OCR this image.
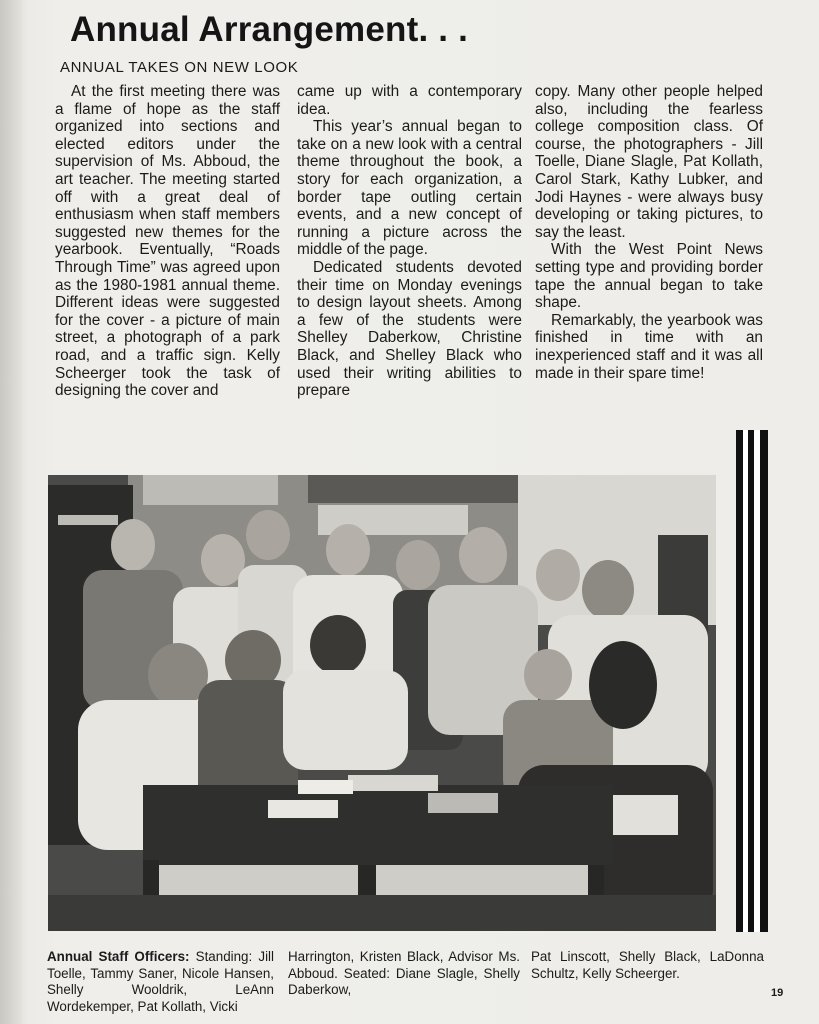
Annual Arrangement. . .
ANNUAL TAKES ON NEW LOOK

At the first meeting there was a flame of hope as the staff organized into sections and elected editors under the supervision of Ms. Abboud, the art teacher. The meeting started off with a great deal of enthusiasm when staff members suggested new themes for the yearbook. Eventually, “Roads Through Time” was agreed upon as the 1980-1981 annual theme. Different ideas were suggested for the cover - a picture of main street, a photograph of a park road, and a traffic sign. Kelly Scheerger took the task of designing the cover and

came up with a contemporary idea.

This year’s annual began to take on a new look with a central theme throughout the book, a story for each organization, a border tape outling certain events, and a new concept of running a picture across the middle of the page.

Dedicated students devoted their time on Monday evenings to design layout sheets. Among a few of the students were Shelley Daberkow, Christine Black, and Shelley Black who used their writing abilities to prepare

copy. Many other people helped also, including the fearless college composition class. Of course, the photographers - Jill Toelle, Diane Slagle, Pat Kollath, Carol Stark, Kathy Lubker, and Jodi Haynes - were always busy developing or taking pictures, to say the least.

With the West Point News setting type and providing border tape the annual began to take shape.

Remarkably, the yearbook was finished in time with an inexperienced staff and it was all made in their spare time!

Annual Staff Officers: Standing: Jill Toelle, Tammy Saner, Nicole Hansen, Shelly Wooldrik, LeAnn Wordekemper, Pat Kollath, Vicki
Harrington, Kristen Black, Advisor Ms. Abboud. Seated: Diane Slagle, Shelly Daberkow,
Pat Linscott, Shelly Black, LaDonna Schultz, Kelly Scheerger.
19
